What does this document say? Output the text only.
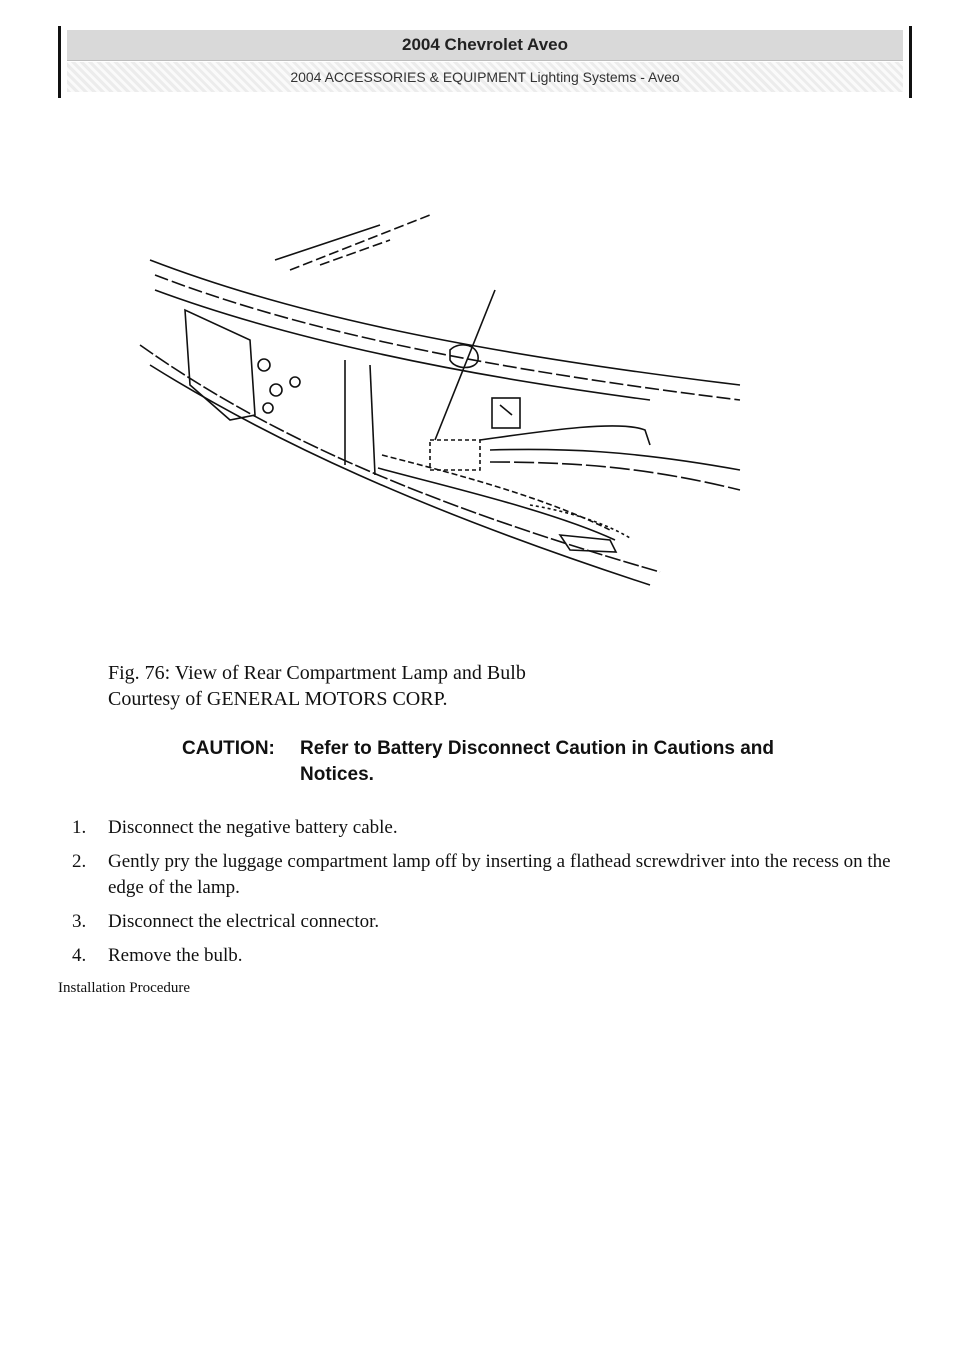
2004 Chevrolet Aveo
2004 ACCESSORIES & EQUIPMENT Lighting Systems - Aveo
Fig. 76: View of Rear Compartment Lamp and Bulb
Courtesy of GENERAL MOTORS CORP.
CAUTION: Refer to Battery Disconnect Caution in Cautions and
Notices.
1.	Disconnect the negative battery cable.
2.	Gently pry the luggage compartment lamp off by inserting a flathead screwdriver into the recess on the edge of the lamp.
3.	Disconnect the electrical connector.
4.	Remove the bulb.
Installation Procedure
